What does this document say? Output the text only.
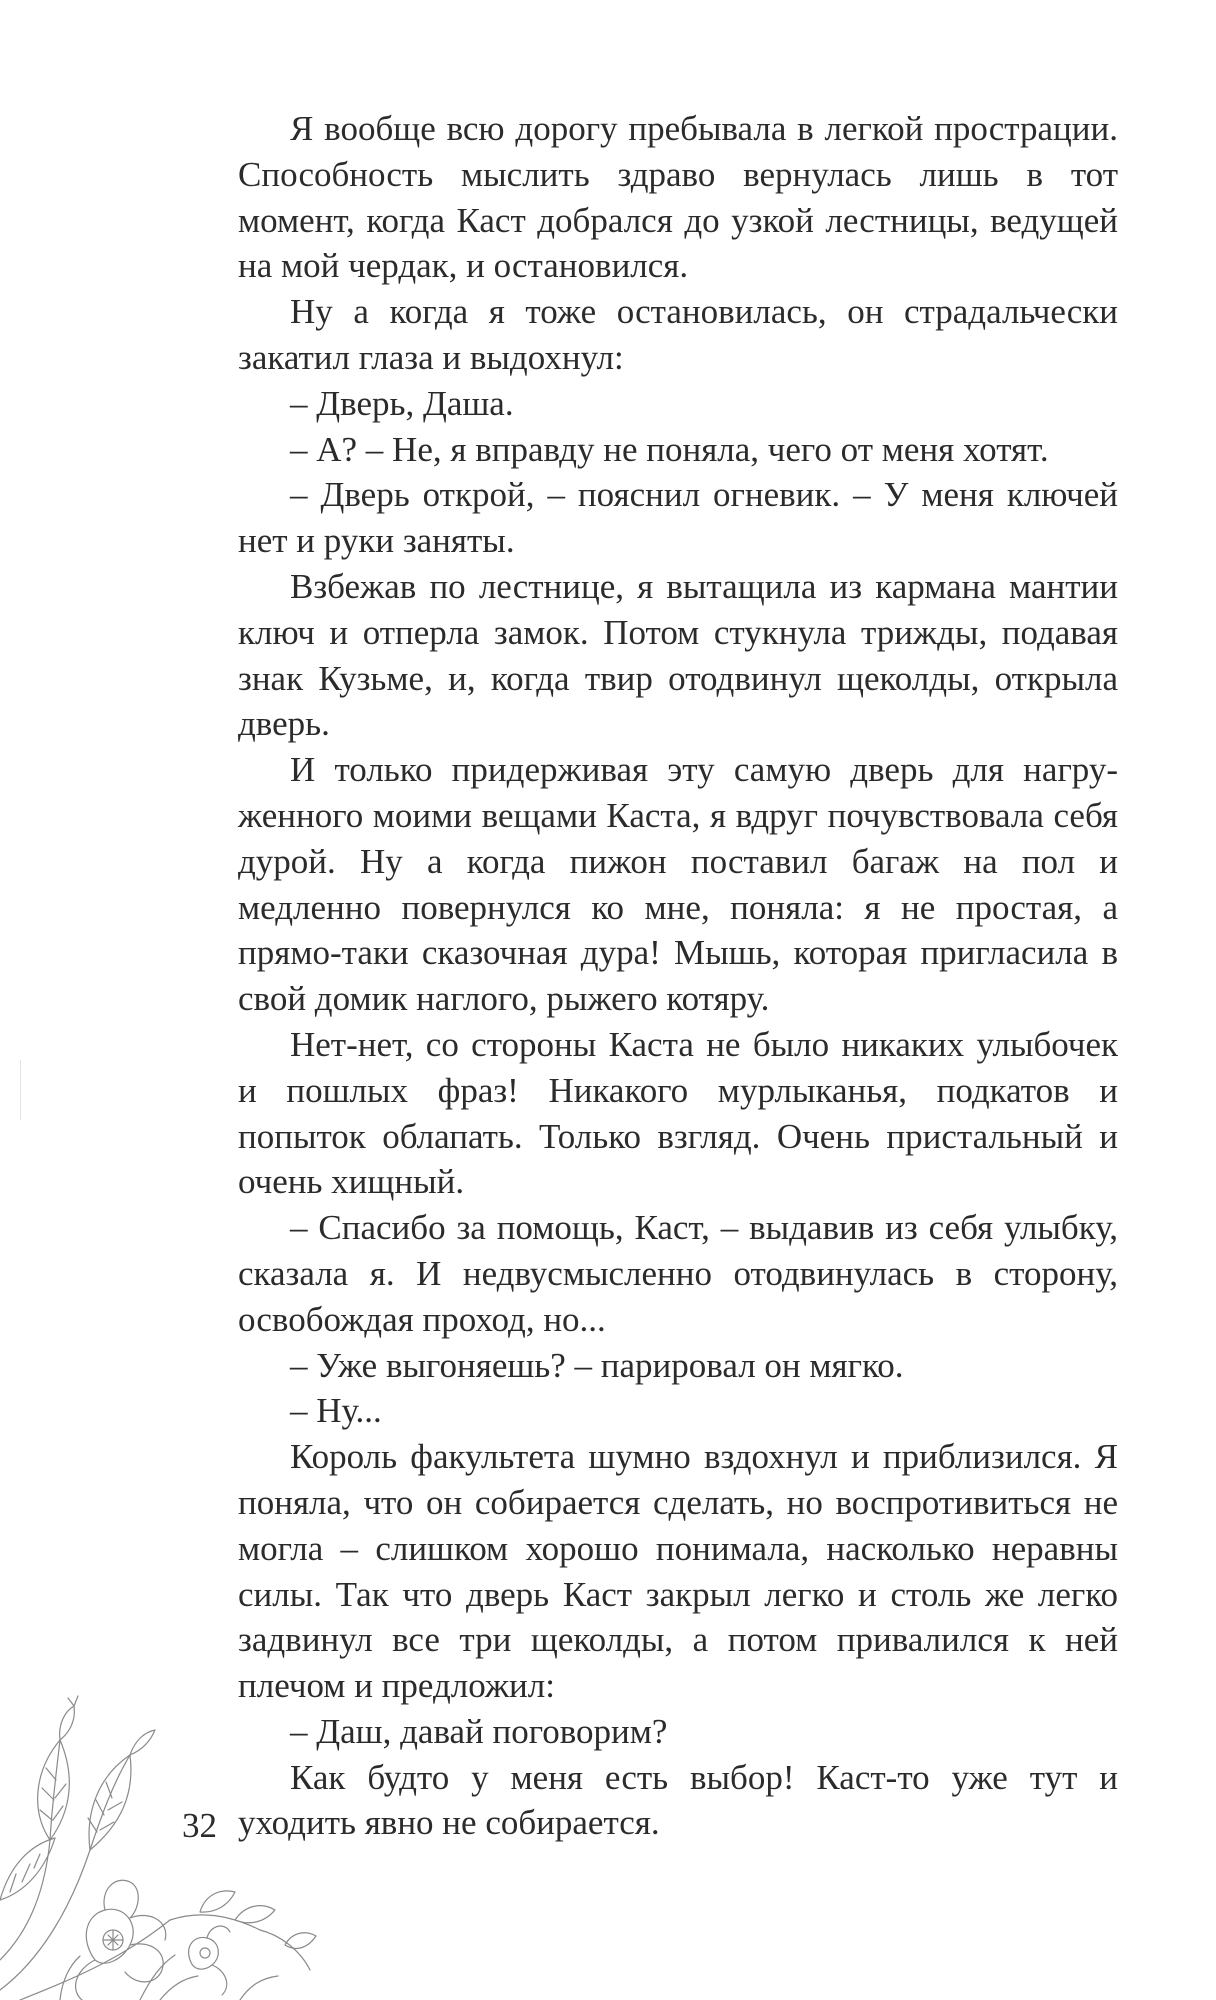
Я вообще всю дорогу пребывала в легкой прострации. Способность мыслить здраво вернулась лишь в тот момент, когда Каст добрался до узкой лестницы, ведущей на мой чердак, и остановился.

Ну а когда я тоже остановилась, он страдальчески закатил глаза и выдохнул:

– Дверь, Даша.

– А? – Не, я вправду не поняла, чего от меня хотят.

– Дверь открой, – пояснил огневик. – У меня ключей нет и руки заняты.

Взбежав по лестнице, я вытащила из кармана мантии ключ и отперла замок. Потом стукнула трижды, подавая знак Кузьме, и, когда твир отодвинул щеколды, открыла дверь.

И только придерживая эту самую дверь для нагруженного моими вещами Каста, я вдруг почувствовала себя дурой. Ну а когда пижон поставил багаж на пол и медленно повернулся ко мне, поняла: я не простая, а прямо-таки сказочная дура! Мышь, которая пригласила в свой домик наглого, рыжего котяру.

Нет-нет, со стороны Каста не было никаких улыбочек и пошлых фраз! Никакого мурлыканья, подкатов и попыток облапать. Только взгляд. Очень пристальный и очень хищный.

– Спасибо за помощь, Каст, – выдавив из себя улыбку, сказала я. И недвусмысленно отодвинулась в сторону, освобождая проход, но...

– Уже выгоняешь? – парировал он мягко.

– Ну...

Король факультета шумно вздохнул и приблизился. Я поняла, что он собирается сделать, но воспротивиться не могла – слишком хорошо понимала, насколько неравны силы. Так что дверь Каст закрыл легко и столь же легко задвинул все три щеколды, а потом привалился к ней плечом и предложил:

– Даш, давай поговорим?

Как будто у меня есть выбор! Каст-то уже тут и уходить явно не собирается.

32
